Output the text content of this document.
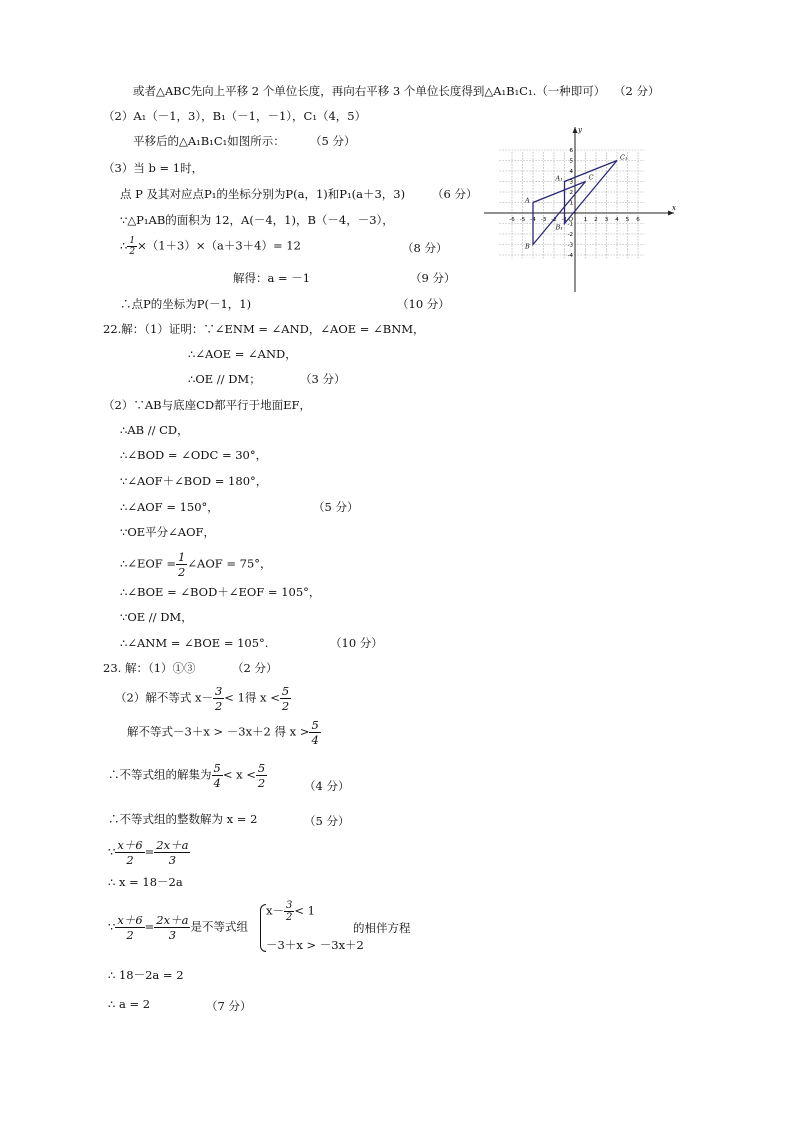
或者△ABC先向上平移 2 个单位长度，再向右平移 3 个单位长度得到△A₁B₁C₁.（一种即可） （2 分）
（2）A₁（－1，3），B₁（－1，－1），C₁（4，5）
平移后的△A₁B₁C₁如图所示： （5 分）
（3）当 b = 1时，
点 P 及其对应点P₁的坐标分别为P(a，1)和P₁(a＋3，3) （6 分）
∵△P₁AB的面积为 12，A(－4，1)，B（－4，－3），
∴ $\frac{1}{2} \times(1+3)\times(a+3+4)= 12$	（8 分）
解得：a = －1	（9 分）
∴点P的坐标为P(－1，1)	（10 分）
x
y
-6 -5 -4 -3 -2 -1	1 2 3 4 5 6
-4
-3
-2
-1
1
2
3
4
5
6
O
A
B
C
A₁
B₁
C₁
22.解：（1）证明：∵∠ENM = ∠AND，∠AOE = ∠BNM，
∴∠AOE = ∠AND，
∴OE // DM；	（3 分）
（2）∵AB与底座CD都平行于地面EF，
∴AB // CD，
∴∠BOD = ∠ODC = 30°，
∵∠AOF＋∠BOD = 180°，
∴∠AOF = 150°，	（5 分）
∵OE平分∠AOF，
∴∠EOF = $\frac{1}{2}$ ∠AOF = 75°，
∴∠BOE = ∠BOD＋∠EOF = 105°，
∵OE // DM，
∴∠ANM = ∠BOE = 105°.	（10 分）
23. 解：（1）①③	（2 分）
（2）解不等式 $x- \frac{3}{2} < 1$得 $x < \frac{5}{2}$
解不等式－3＋x > －3x＋2 得 $x > \frac{5}{4}$
∴不等式组的解集为 $\frac{5}{4} < x < \frac{5}{2}$	（4 分）
∴不等式组的整数解为 x = 2	（5 分）
∵ $\frac{x+6}{2} = \frac{2x+a}{3}$
∴ x = 18－2a
∵ $\frac{x+6}{2} = \frac{2x+a}{3}$ 是不等式组
$x- \frac{3}{2} < 1$
－3＋x > －3x＋2
的相伴方程
∴ 18－2a = 2
∴ a = 2	（7 分）
